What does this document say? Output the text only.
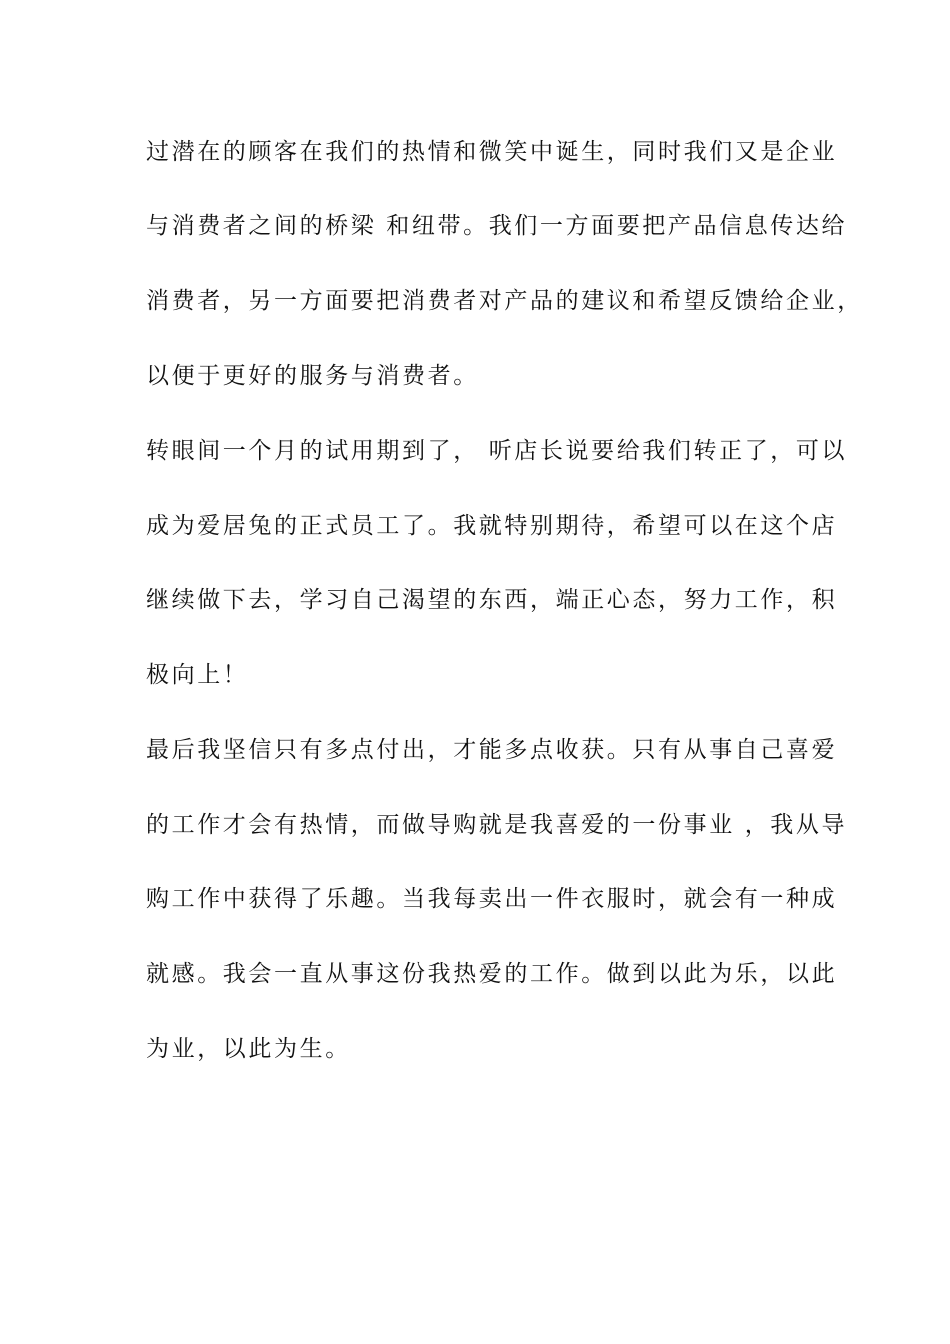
过潜在的顾客在我们的热情和微笑中诞生，同时我们又是企业
与消费者之间的桥梁 和纽带。我们一方面要把产品信息传达给
消费者，另一方面要把消费者对产品的建议和希望反馈给企业，
以便于更好的服务与消费者。
转眼间一个月的试用期到了， 听店长说要给我们转正了，可以
成为爱居兔的正式员工了。我就特别期待，希望可以在这个店
继续做下去，学习自己渴望的东西，端正心态，努力工作，积
极向上！
最后我坚信只有多点付出，才能多点收获。只有从事自己喜爱
的工作才会有热情，而做导购就是我喜爱的一份事业 ，我从导
购工作中获得了乐趣。当我每卖出一件衣服时，就会有一种成
就感。我会一直从事这份我热爱的工作。做到以此为乐，以此
为业，以此为生。
